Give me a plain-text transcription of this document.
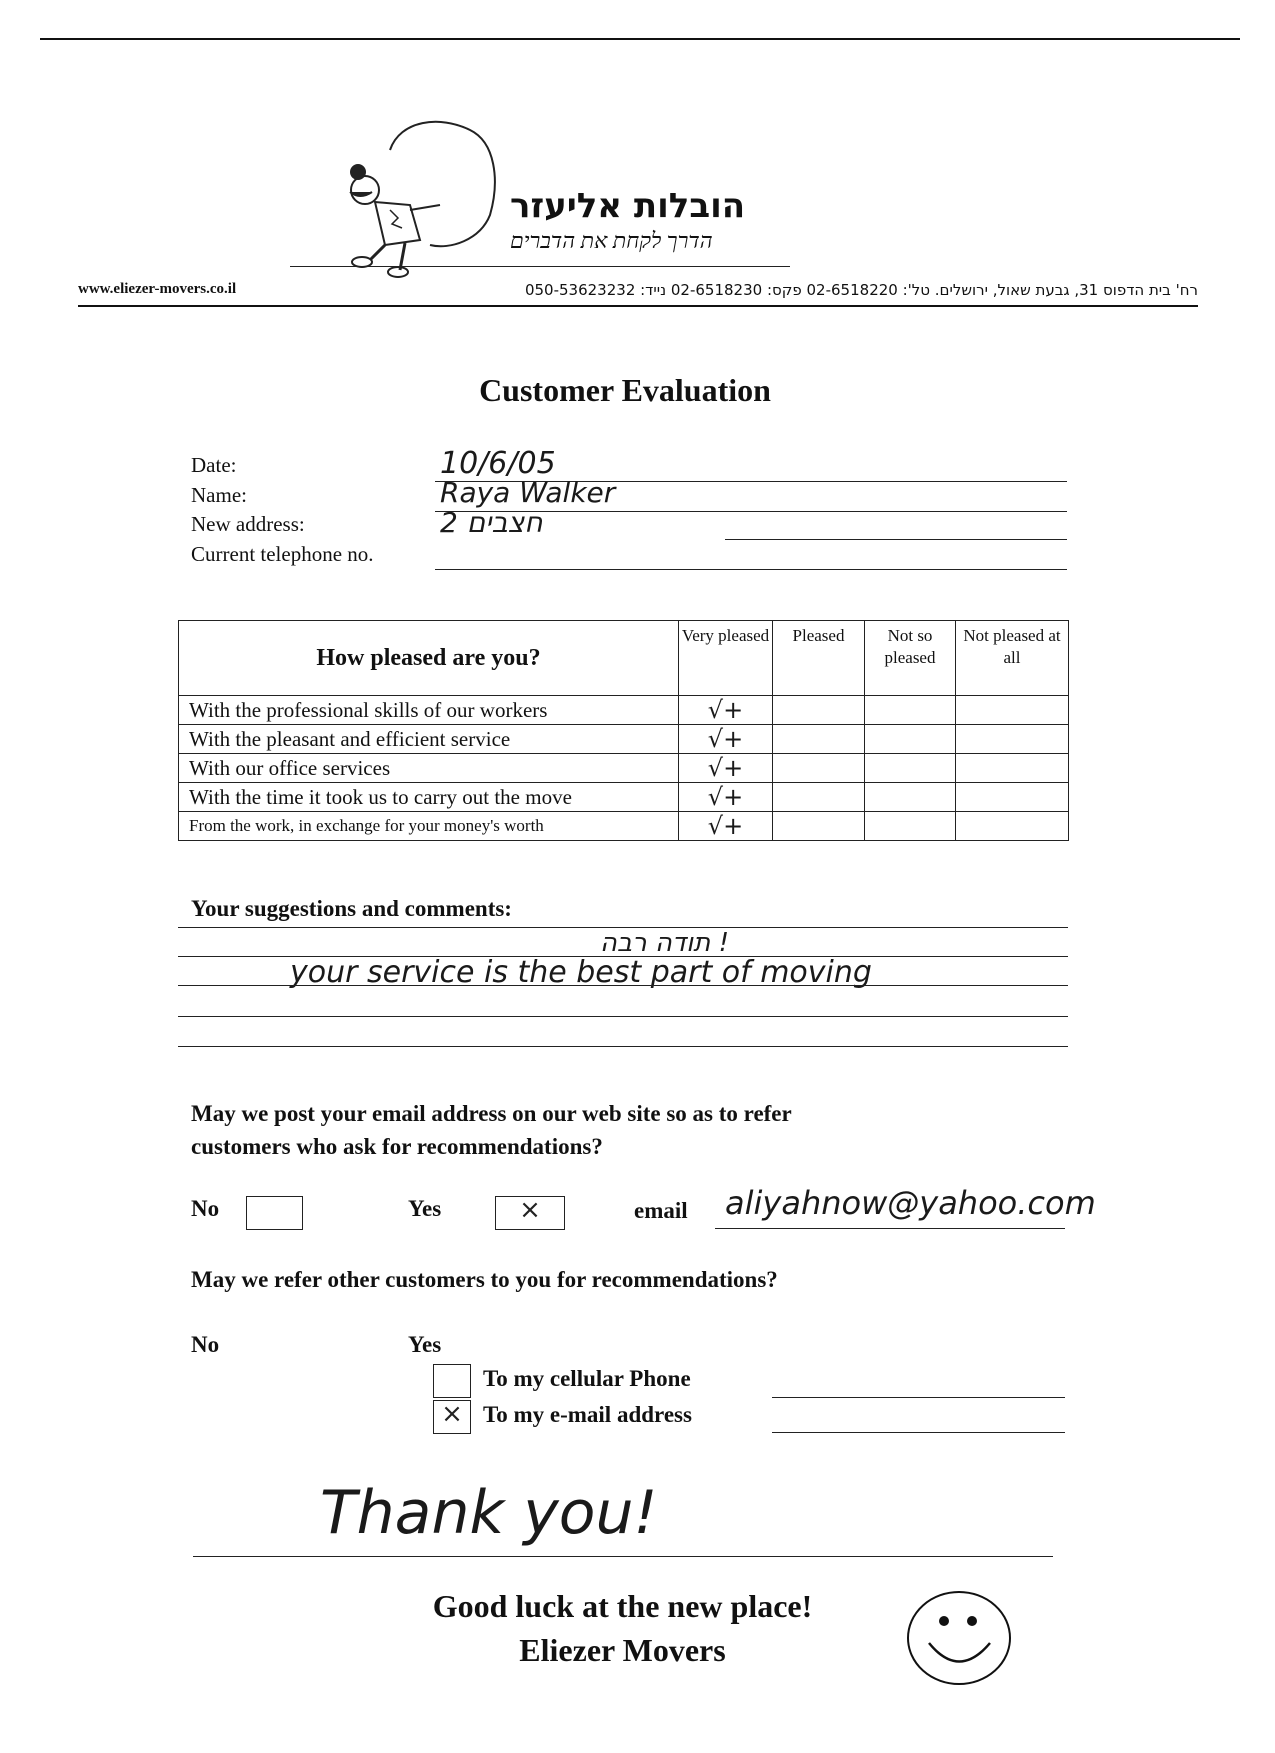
הובלות אליעזר
הדרך לקחת את הדברים
www.eliezer-movers.co.il	רח' בית הדפוס 31, גבעת שאול, ירושלים. טל': 02-6518220 פקס: 02-6518230 נייד: 050-53623232
Customer Evaluation
Date:	10/6/05
Name:	Raya Walker
New address:	חצבים 2
Current telephone no.
How pleased are you?	Very pleased	Pleased	Not so pleased	Not pleased at all
With the professional skills of our workers	√+			
With the pleasant and efficient service	√+			
With our office services	√+			
With the time it took us to carry out the move	√+			
From the work, in exchange for your money's worth	√+			
Your suggestions and comments:
! תודה רבה
your service is the best part of moving
May we post your email address on our web site so as to refer
customers who ask for recommendations?
No	Yes	×	email aliyahnow@yahoo.com
May we refer other customers to you for recommendations?
No	Yes
To my cellular Phone
× To my e-mail address
Thank you!
Good luck at the new place!
Eliezer Movers
